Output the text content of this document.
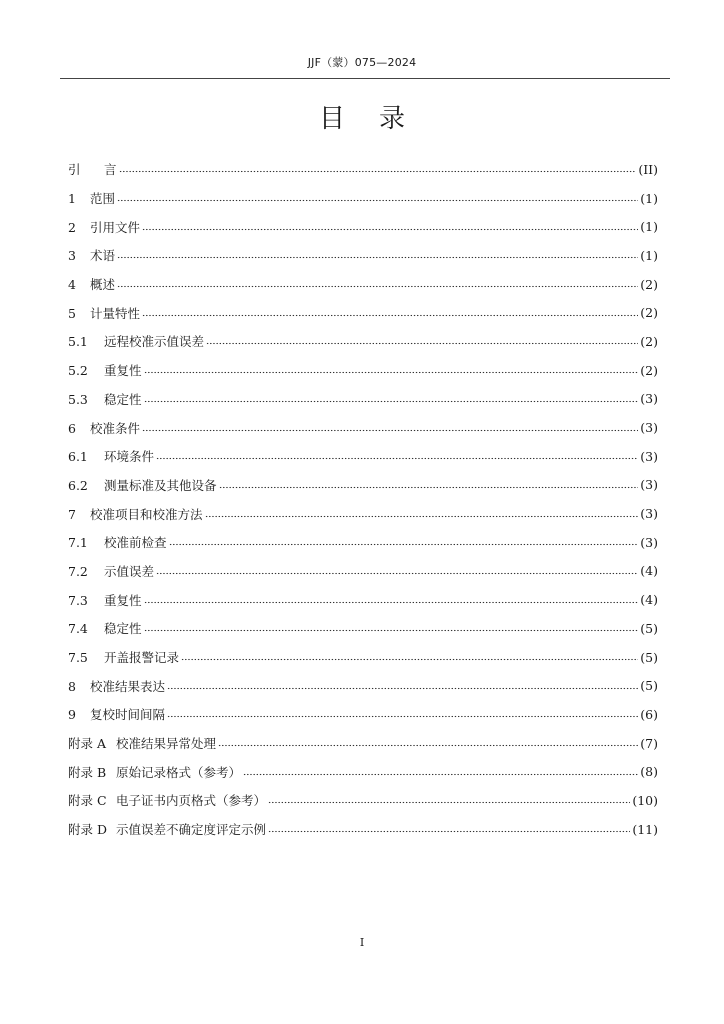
JJF（蒙）075—2024
目录
引 言	(II)
1 范围	(1)
2 引用文件	(1)
3 术语	(1)
4 概述	(2)
5 计量特性	(2)
5.1 远程校准示值误差	(2)
5.2 重复性	(2)
5.3 稳定性	(3)
6 校准条件	(3)
6.1 环境条件	(3)
6.2 测量标准及其他设备	(3)
7 校准项目和校准方法	(3)
7.1 校准前检查	(3)
7.2 示值误差	(4)
7.3 重复性	(4)
7.4 稳定性	(5)
7.5 开盖报警记录	(5)
8 校准结果表达	(5)
9 复校时间间隔	(6)
附录 A 校准结果异常处理	(7)
附录 B 原始记录格式（参考）	(8)
附录 C 电子证书内页格式（参考）	(10)
附录 D 示值误差不确定度评定示例	(11)
I
